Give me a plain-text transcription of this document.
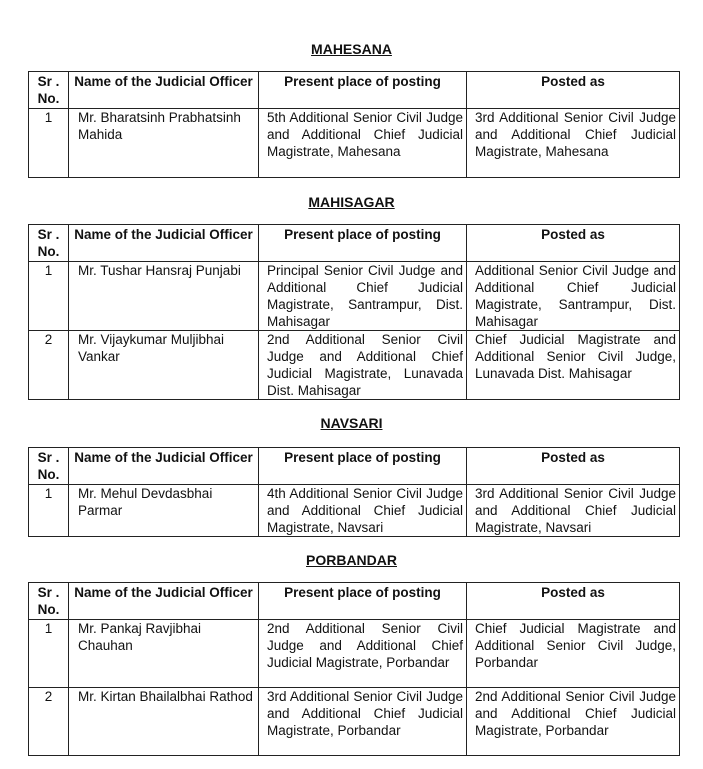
MAHESANA
Sr . No.	Name of the Judicial Officer	Present place of posting	Posted as
1	Mr. Bharatsinh Prabhatsinh Mahida	5th Additional Senior Civil Judge and Additional Chief Judicial Magistrate, Mahesana	3rd Additional Senior Civil Judge and Additional Chief Judicial Magistrate, Mahesana
MAHISAGAR
Sr . No.	Name of the Judicial Officer	Present place of posting	Posted as
1	Mr. Tushar Hansraj Punjabi	Principal Senior Civil Judge and Additional Chief Judicial Magistrate, Santrampur, Dist. Mahisagar	Additional Senior Civil Judge and Additional Chief Judicial Magistrate, Santrampur, Dist. Mahisagar
2	Mr. Vijaykumar Muljibhai Vankar	2nd Additional Senior Civil Judge and Additional Chief Judicial Magistrate, Lunavada Dist. Mahisagar	Chief Judicial Magistrate and Additional Senior Civil Judge, Lunavada Dist. Mahisagar
NAVSARI
Sr . No.	Name of the Judicial Officer	Present place of posting	Posted as
1	Mr. Mehul Devdasbhai Parmar	4th Additional Senior Civil Judge and Additional Chief Judicial Magistrate, Navsari	3rd Additional Senior Civil Judge and Additional Chief Judicial Magistrate, Navsari
PORBANDAR
Sr . No.	Name of the Judicial Officer	Present place of posting	Posted as
1	Mr. Pankaj Ravjibhai Chauhan	2nd Additional Senior Civil Judge and Additional Chief Judicial Magistrate, Porbandar	Chief Judicial Magistrate and Additional Senior Civil Judge, Porbandar
2	Mr. Kirtan Bhailalbhai Rathod	3rd Additional Senior Civil Judge and Additional Chief Judicial Magistrate, Porbandar	2nd Additional Senior Civil Judge and Additional Chief Judicial Magistrate, Porbandar
